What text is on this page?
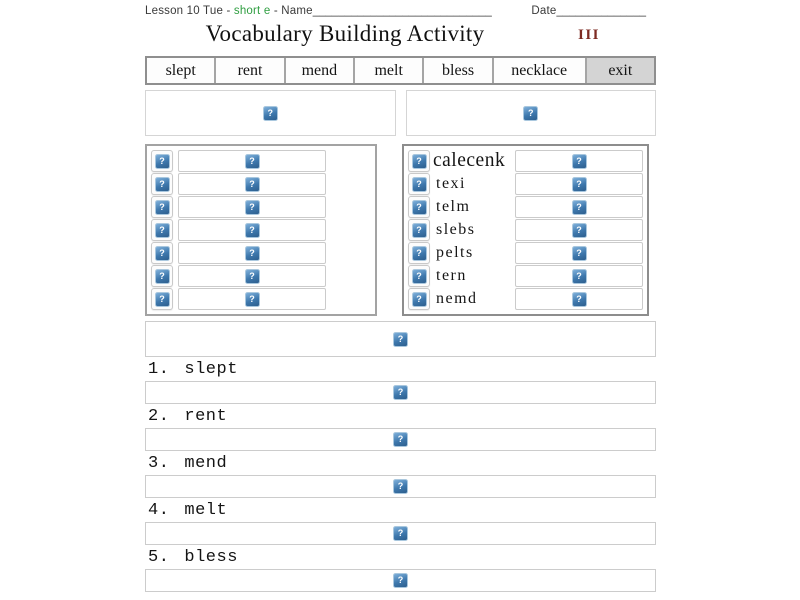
Lesson 10 Tue - short e - Name____________________________	Date______________
Vocabulary Building Activity	III
slept	rent	mend	melt	bless	necklace	exit
?	?
?	?
?	?
?	?
?	?
?	?
?	?
?	?
? calecenk	?
? texi	?
? telm	?
? slebs	?
? pelts	?
? tern	?
? nemd	?
?
1. slept
?
2. rent
?
3. mend
?
4. melt
?
5. bless
?
